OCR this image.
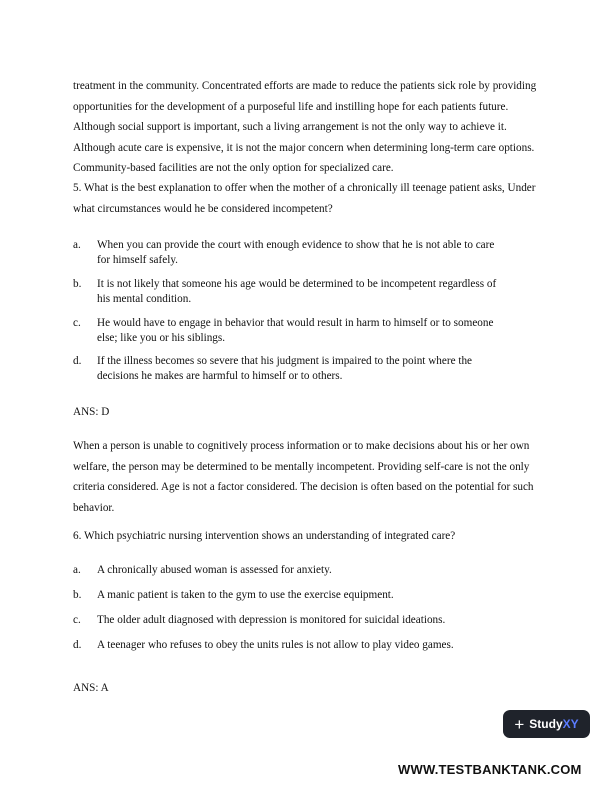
treatment in the community. Concentrated efforts are made to reduce the patients sick role by providing opportunities for the development of a purposeful life and instilling hope for each patients future. Although social support is important, such a living arrangement is not the only way to achieve it. Although acute care is expensive, it is not the major concern when determining long-term care options. Community-based facilities are not the only option for specialized care.

5. What is the best explanation to offer when the mother of a chronically ill teenage patient asks, Under what circumstances would he be considered incompetent?

a.	When you can provide the court with enough evidence to show that he is not able to care for himself safely.
b.	It is not likely that someone his age would be determined to be incompetent regardless of his mental condition.
c.	He would have to engage in behavior that would result in harm to himself or to someone else; like you or his siblings.
d.	If the illness becomes so severe that his judgment is impaired to the point where the decisions he makes are harmful to himself or to others.
ANS: D

When a person is unable to cognitively process information or to make decisions about his or her own welfare, the person may be determined to be mentally incompetent. Providing self-care is not the only criteria considered. Age is not a factor considered. The decision is often based on the potential for such behavior.

6. Which psychiatric nursing intervention shows an understanding of integrated care?

a.	A chronically abused woman is assessed for anxiety.
b.	A manic patient is taken to the gym to use the exercise equipment.
c.	The older adult diagnosed with depression is monitored for suicidal ideations.
d.	A teenager who refuses to obey the units rules is not allow to play video games.
ANS: A
+ Study XY
WWW.TESTBANKTANK.COM
